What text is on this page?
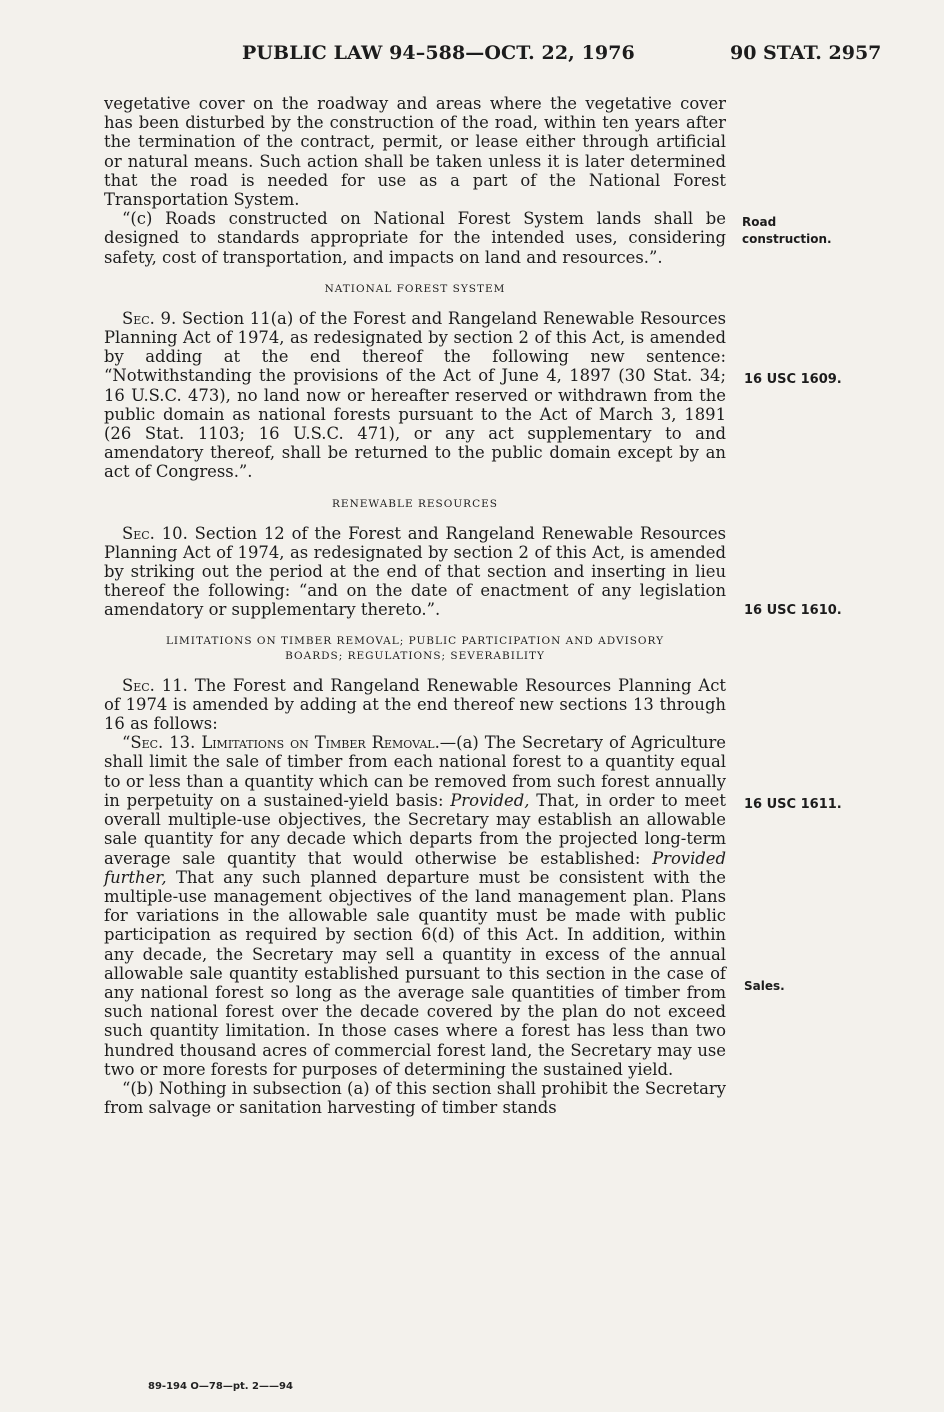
PUBLIC LAW 94–588—OCT. 22, 1976	90 STAT. 2957

vegetative cover on the roadway and areas where the vegetative cover has been disturbed by the construction of the road, within ten years after the termination of the contract, permit, or lease either through artificial or natural means. Such action shall be taken unless it is later determined that the road is needed for use as a part of the National Forest Transportation System.

“(c) Roads constructed on National Forest System lands shall be designed to standards appropriate for the intended uses, considering safety, cost of transportation, and impacts on land and resources.”.

NATIONAL FOREST SYSTEM

Sec. 9. Section 11(a) of the Forest and Rangeland Renewable Resources Planning Act of 1974, as redesignated by section 2 of this Act, is amended by adding at the end thereof the following new sentence: “Notwithstanding the provisions of the Act of June 4, 1897 (30 Stat. 34; 16 U.S.C. 473), no land now or hereafter reserved or withdrawn from the public domain as national forests pursuant to the Act of March 3, 1891 (26 Stat. 1103; 16 U.S.C. 471), or any act supplementary to and amendatory thereof, shall be returned to the public domain except by an act of Congress.”.

RENEWABLE RESOURCES

Sec. 10. Section 12 of the Forest and Rangeland Renewable Resources Planning Act of 1974, as redesignated by section 2 of this Act, is amended by striking out the period at the end of that section and inserting in lieu thereof the following: “and on the date of enactment of any legislation amendatory or supplementary thereto.”.

LIMITATIONS ON TIMBER REMOVAL; PUBLIC PARTICIPATION AND ADVISORY
BOARDS; REGULATIONS; SEVERABILITY

Sec. 11. The Forest and Rangeland Renewable Resources Planning Act of 1974 is amended by adding at the end thereof new sections 13 through 16 as follows:

“Sec. 13. Limitations on Timber Removal.—(a) The Secretary of Agriculture shall limit the sale of timber from each national forest to a quantity equal to or less than a quantity which can be removed from such forest annually in perpetuity on a sustained-yield basis: Provided, That, in order to meet overall multiple-use objectives, the Secretary may establish an allowable sale quantity for any decade which departs from the projected long-term average sale quantity that would otherwise be established: Provided further, That any such planned departure must be consistent with the multiple-use management objectives of the land management plan. Plans for variations in the allowable sale quantity must be made with public participation as required by section 6(d) of this Act. In addition, within any decade, the Secretary may sell a quantity in excess of the annual allowable sale quantity established pursuant to this section in the case of any national forest so long as the average sale quantities of timber from such national forest over the decade covered by the plan do not exceed such quantity limitation. In those cases where a forest has less than two hundred thousand acres of commercial forest land, the Secretary may use two or more forests for purposes of determining the sustained yield.

“(b) Nothing in subsection (a) of this section shall prohibit the Secretary from salvage or sanitation harvesting of timber stands

Road
construction.
16 USC 1609.
16 USC 1610.
16 USC 1611.
Sales.
89-194 O—78—pt. 2——94
